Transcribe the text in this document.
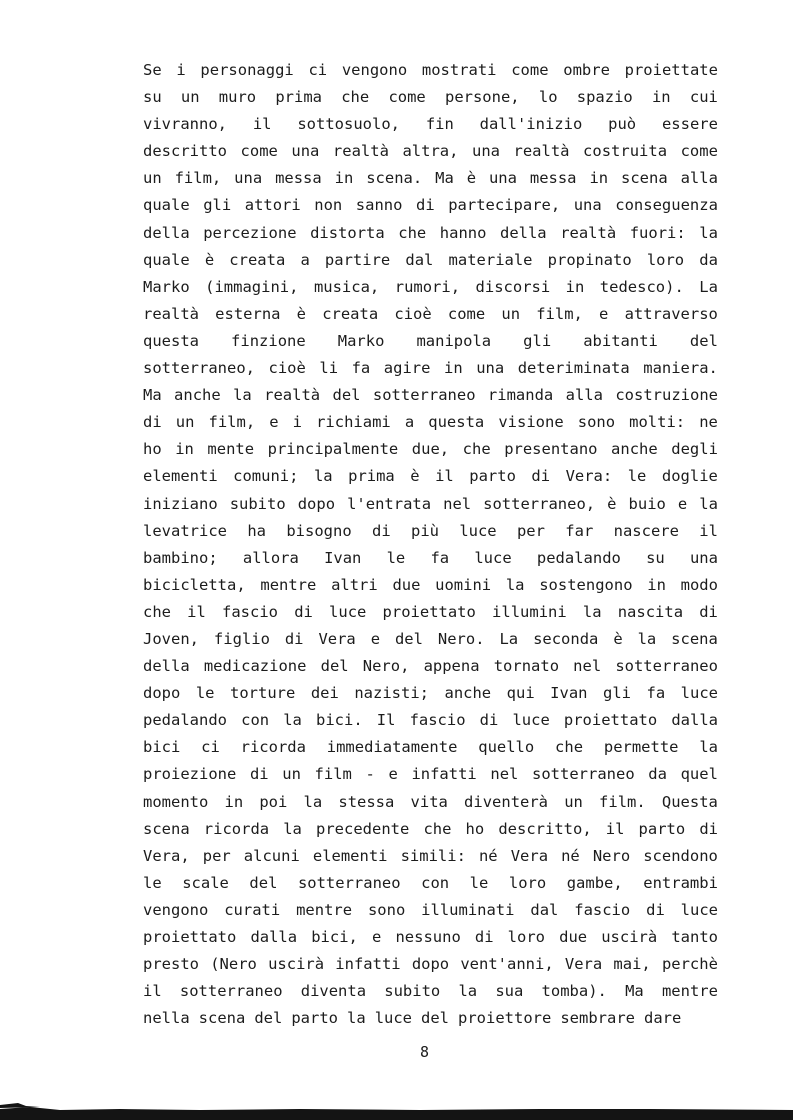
Se i personaggi ci vengono mostrati come ombre proiettate
su un muro prima che come persone, lo spazio in cui
vivranno, il sottosuolo, fin dall'inizio può essere
descritto come una realtà altra, una realtà costruita come
un film, una messa in scena. Ma è una messa in scena alla
quale gli attori non sanno di partecipare, una conseguenza
della percezione distorta che hanno della realtà fuori: la
quale è creata a partire dal materiale propinato loro da
Marko (immagini, musica, rumori, discorsi in tedesco). La
realtà esterna è creata cioè come un film, e attraverso
questa finzione Marko manipola gli abitanti del
sotterraneo, cioè li fa agire in una deteriminata maniera.
Ma anche la realtà del sotterraneo rimanda alla costruzione
di un film, e i richiami a questa visione sono molti: ne
ho in mente principalmente due, che presentano anche degli
elementi comuni; la prima è il parto di Vera: le doglie
iniziano subito dopo l'entrata nel sotterraneo, è buio e la
levatrice ha bisogno di più luce per far nascere il
bambino; allora Ivan le fa luce pedalando su una
bicicletta, mentre altri due uomini la sostengono in modo
che il fascio di luce proiettato illumini la nascita di
Joven, figlio di Vera e del Nero. La seconda è la scena
della medicazione del Nero, appena tornato nel sotterraneo
dopo le torture dei nazisti; anche qui Ivan gli fa luce
pedalando con la bici. Il fascio di luce proiettato dalla
bici ci ricorda immediatamente quello che permette la
proiezione di un film - e infatti nel sotterraneo da quel
momento in poi la stessa vita diventerà un film. Questa
scena ricorda la precedente che ho descritto, il parto di
Vera, per alcuni elementi simili: né Vera né Nero scendono
le scale del sotterraneo con le loro gambe, entrambi
vengono curati mentre sono illuminati dal fascio di luce
proiettato dalla bici, e nessuno di loro due uscirà tanto
presto (Nero uscirà infatti dopo vent'anni, Vera mai, perchè
il sotterraneo diventa subito la sua tomba). Ma mentre
nella scena del parto la luce del proiettore sembrare dare
8
